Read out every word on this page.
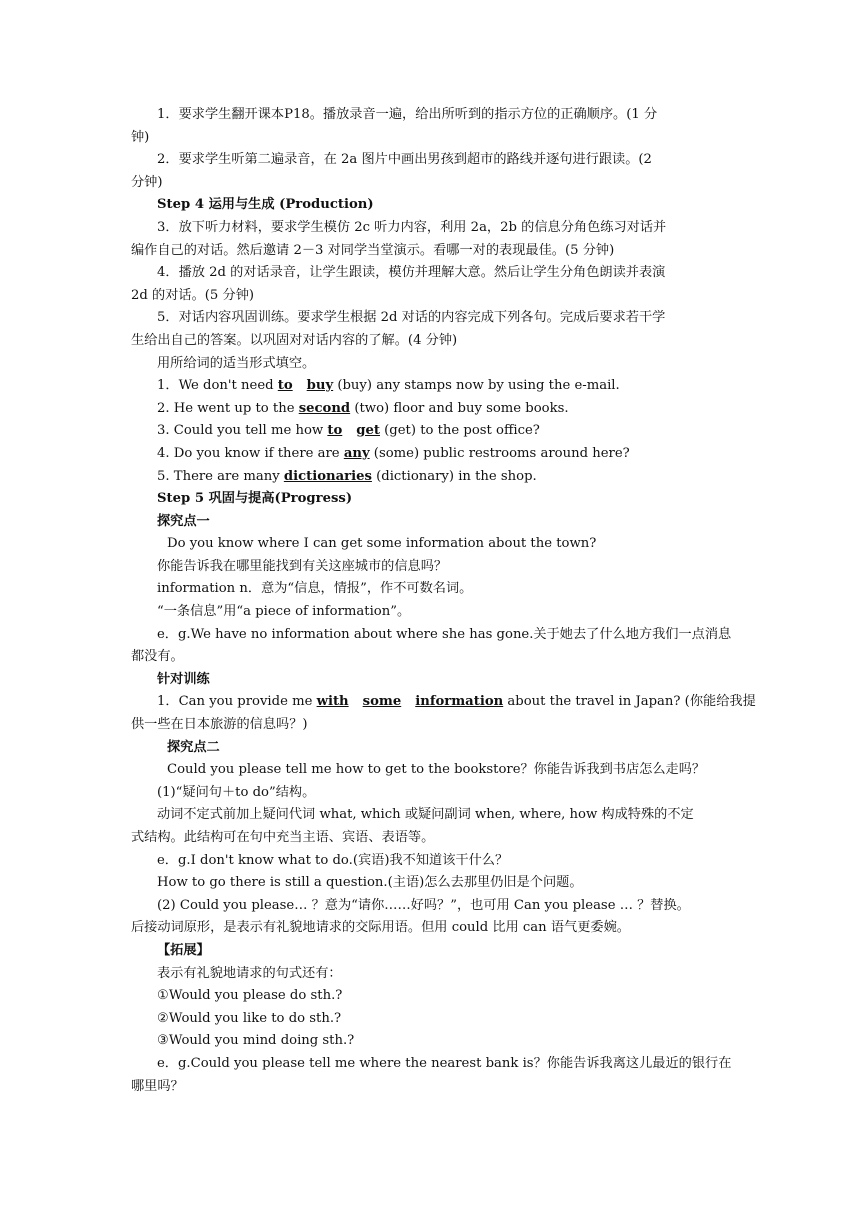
1．要求学生翻开课本P18。播放录音一遍，给出所听到的指示方位的正确顺序。(1 分
钟)
2．要求学生听第二遍录音，在 2a 图片中画出男孩到超市的路线并逐句进行跟读。(2
分钟)
Step 4 运用与生成 (Production)
3．放下听力材料，要求学生模仿 2c 听力内容，利用 2a，2b 的信息分角色练习对话并
编作自己的对话。然后邀请 2－3 对同学当堂演示。看哪一对的表现最佳。(5 分钟)
4．播放 2d 的对话录音，让学生跟读，模仿并理解大意。然后让学生分角色朗读并表演
2d 的对话。(5 分钟)
5．对话内容巩固训练。要求学生根据 2d 对话的内容完成下列各句。完成后要求若干学
生给出自己的答案。以巩固对对话内容的了解。(4 分钟)
用所给词的适当形式填空。
1．We don't need to buy (buy) any stamps now by using the e-mail.
2. He went up to the second (two) floor and buy some books.
3. Could you tell me how to get (get) to the post office?
4. Do you know if there are any (some) public restrooms around here?
5. There are many dictionaries (dictionary) in the shop.
Step 5 巩固与提高(Progress)
探究点一
Do you know where I can get some information about the town?
你能告诉我在哪里能找到有关这座城市的信息吗？
information n．意为“信息，情报”，作不可数名词。
“一条信息”用“a piece of information”。
e．g.We have no information about where she has gone.关于她去了什么地方我们一点消息
都没有。
针对训练
1．Can you provide me with some information about the travel in Japan? (你能给我提
供一些在日本旅游的信息吗？)
探究点二
Could you please tell me how to get to the bookstore？你能告诉我到书店怎么走吗？
(1)“疑问句＋to do”结构。
动词不定式前加上疑问代词 what, which 或疑问副词 when, where, how 构成特殊的不定
式结构。此结构可在句中充当主语、宾语、表语等。
e．g.I don't know what to do.(宾语)我不知道该干什么？
How to go there is still a question.(主语)怎么去那里仍旧是个问题。
(2) Could you please… ？意为“请你……好吗？”，也可用 Can you please … ？替换。
后接动词原形，是表示有礼貌地请求的交际用语。但用 could 比用 can 语气更委婉。
【拓展】
表示有礼貌地请求的句式还有：
①Would you please do sth.?
②Would you like to do sth.?
③Would you mind doing sth.?
e．g.Could you please tell me where the nearest bank is？你能告诉我离这儿最近的银行在
哪里吗？
